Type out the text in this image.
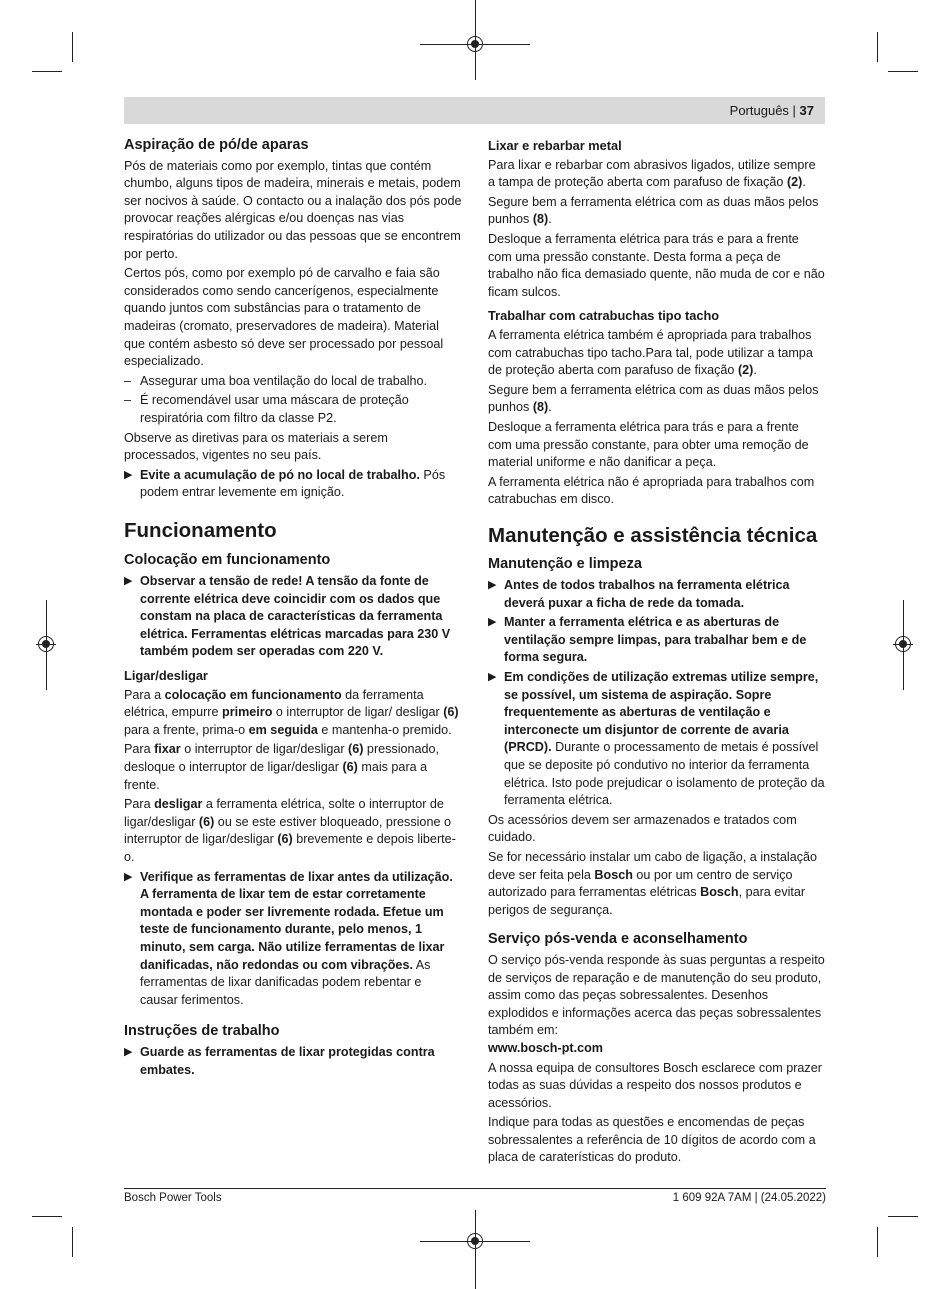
Português | 37
Aspiração de pó/de aparas

Pós de materiais como por exemplo, tintas que contém chumbo, alguns tipos de madeira, minerais e metais, podem ser nocivos à saúde. O contacto ou a inalação dos pós pode provocar reações alérgicas e/ou doenças nas vias respiratórias do utilizador ou das pessoas que se encontrem por perto.

Certos pós, como por exemplo pó de carvalho e faia são considerados como sendo cancerígenos, especialmente quando juntos com substâncias para o tratamento de madeiras (cromato, preservadores de madeira). Material que contém asbesto só deve ser processado por pessoal especializado.

– Assegurar uma boa ventilação do local de trabalho.
– É recomendável usar uma máscara de proteção respiratória com filtro da classe P2.

Observe as diretivas para os materiais a serem processados, vigentes no seu país.

▶ Evite a acumulação de pó no local de trabalho. Pós podem entrar levemente em ignição.
Funcionamento
Colocação em funcionamento
▶ Observar a tensão de rede! A tensão da fonte de corrente elétrica deve coincidir com os dados que constam na placa de características da ferramenta elétrica. Ferramentas elétricas marcadas para 230 V também podem ser operadas com 220 V.
Ligar/desligar

Para a colocação em funcionamento da ferramenta elétrica, empurre primeiro o interruptor de ligar/ desligar (6) para a frente, prima-o em seguida e mantenha-o premido.

Para fixar o interruptor de ligar/desligar (6) pressionado, desloque o interruptor de ligar/desligar (6) mais para a frente.

Para desligar a ferramenta elétrica, solte o interruptor de ligar/desligar (6) ou se este estiver bloqueado, pressione o interruptor de ligar/desligar (6) brevemente e depois liberte-o.

▶ Verifique as ferramentas de lixar antes da utilização. A ferramenta de lixar tem de estar corretamente montada e poder ser livremente rodada. Efetue um teste de funcionamento durante, pelo menos, 1 minuto, sem carga. Não utilize ferramentas de lixar danificadas, não redondas ou com vibrações. As ferramentas de lixar danificadas podem rebentar e causar ferimentos.
Instruções de trabalho
▶ Guarde as ferramentas de lixar protegidas contra embates.
Lixar e rebarbar metal

Para lixar e rebarbar com abrasivos ligados, utilize sempre a tampa de proteção aberta com parafuso de fixação (2).

Segure bem a ferramenta elétrica com as duas mãos pelos punhos (8).

Desloque a ferramenta elétrica para trás e para a frente com uma pressão constante. Desta forma a peça de trabalho não fica demasiado quente, não muda de cor e não ficam sulcos.

Trabalhar com catrabuchas tipo tacho

A ferramenta elétrica também é apropriada para trabalhos com catrabuchas tipo tacho.Para tal, pode utilizar a tampa de proteção aberta com parafuso de fixação (2).

Segure bem a ferramenta elétrica com as duas mãos pelos punhos (8).

Desloque a ferramenta elétrica para trás e para a frente com uma pressão constante, para obter uma remoção de material uniforme e não danificar a peça.

A ferramenta elétrica não é apropriada para trabalhos com catrabuchas em disco.

Manutenção e assistência técnica
Manutenção e limpeza
▶ Antes de todos trabalhos na ferramenta elétrica deverá puxar a ficha de rede da tomada.
▶ Manter a ferramenta elétrica e as aberturas de ventilação sempre limpas, para trabalhar bem e de forma segura.
▶ Em condições de utilização extremas utilize sempre, se possível, um sistema de aspiração. Sopre frequentemente as aberturas de ventilação e interconecte um disjuntor de corrente de avaria (PRCD). Durante o processamento de metais é possível que se deposite pó condutivo no interior da ferramenta elétrica. Isto pode prejudicar o isolamento de proteção da ferramenta elétrica.

Os acessórios devem ser armazenados e tratados com cuidado.

Se for necessário instalar um cabo de ligação, a instalação deve ser feita pela Bosch ou por um centro de serviço autorizado para ferramentas elétricas Bosch, para evitar perigos de segurança.

Serviço pós-venda e aconselhamento

O serviço pós-venda responde às suas perguntas a respeito de serviços de reparação e de manutenção do seu produto, assim como das peças sobressalentes. Desenhos explodidos e informações acerca das peças sobressalentes também em:
www.bosch-pt.com

A nossa equipa de consultores Bosch esclarece com prazer todas as suas dúvidas a respeito dos nossos produtos e acessórios.

Indique para todas as questões e encomendas de peças sobressalentes a referência de 10 dígitos de acordo com a placa de caraterísticas do produto.

Bosch Power Tools	1 609 92A 7AM | (24.05.2022)
